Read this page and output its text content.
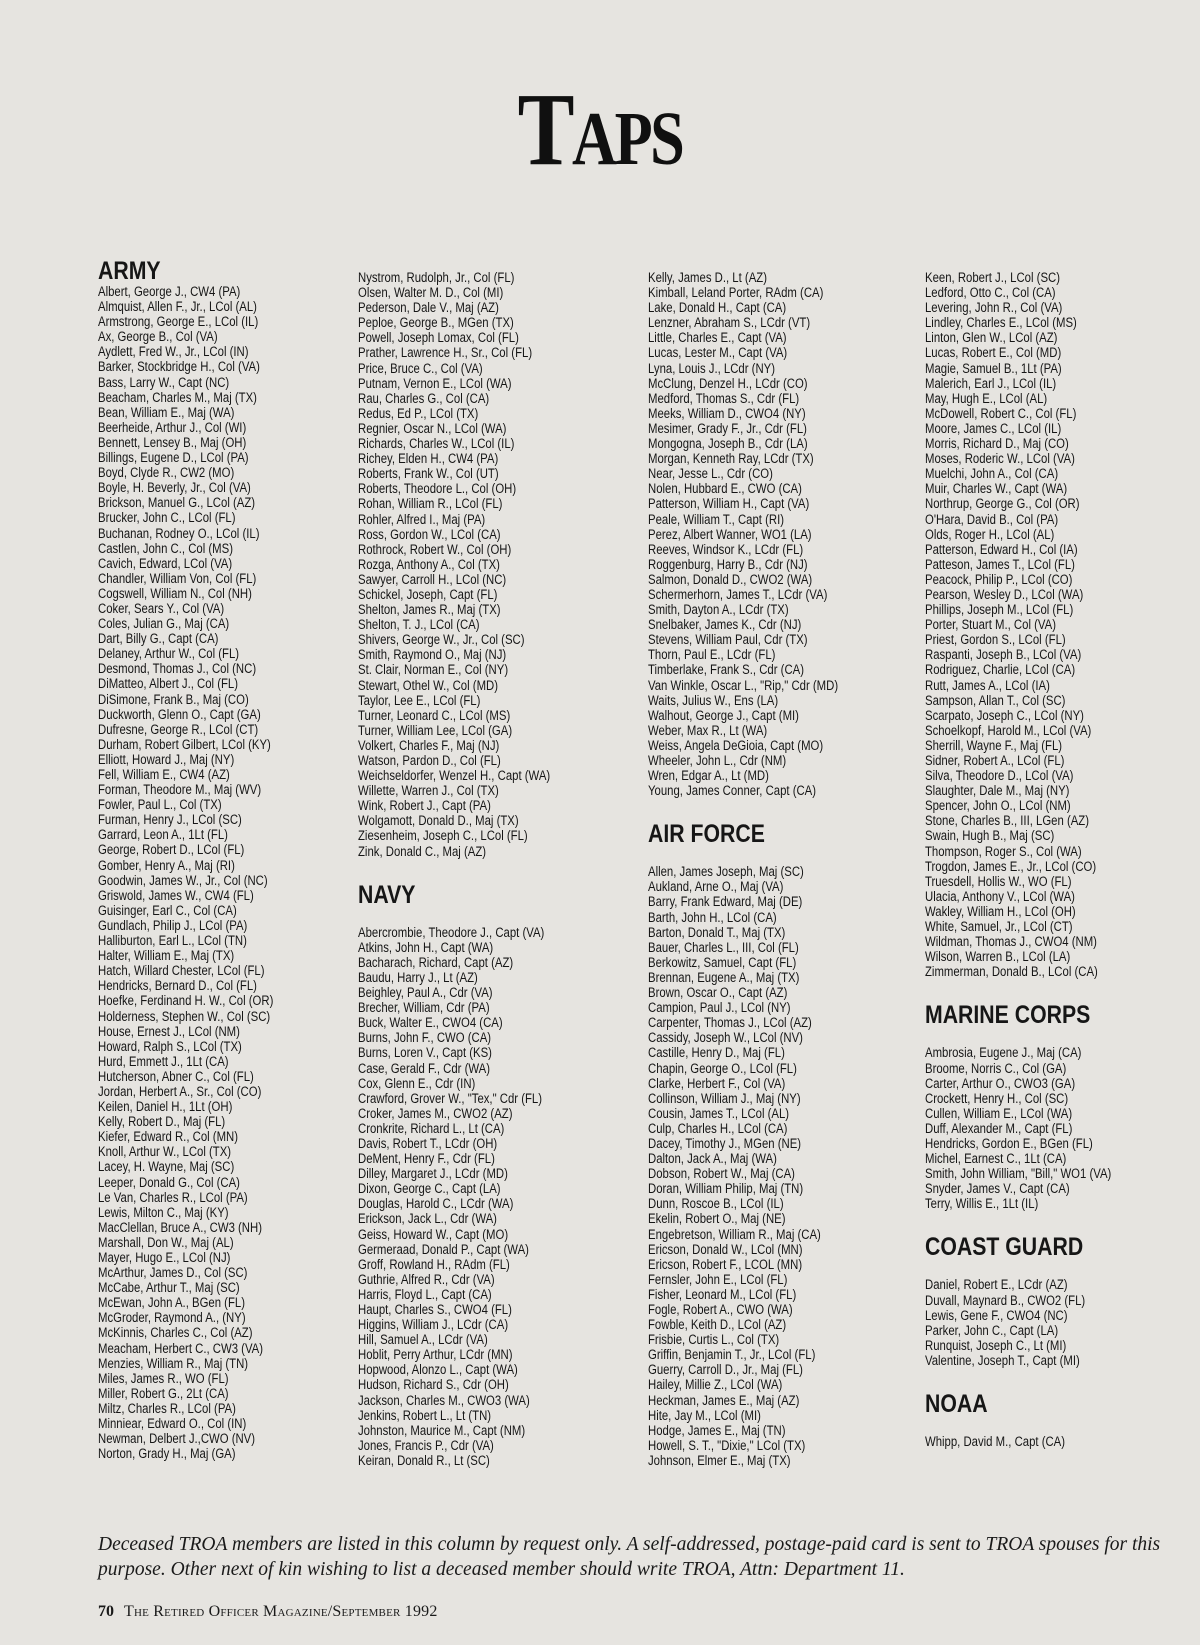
TAPS
ARMY
Albert, George J., CW4 (PA)
Almquist, Allen F., Jr., LCol (AL)
Armstrong, George E., LCol (IL)
Ax, George B., Col (VA)
Aydlett, Fred W., Jr., LCol (IN)
Barker, Stockbridge H., Col (VA)
Bass, Larry W., Capt (NC)
Beacham, Charles M., Maj (TX)
Bean, William E., Maj (WA)
Beerheide, Arthur J., Col (WI)
Bennett, Lensey B., Maj (OH)
Billings, Eugene D., LCol (PA)
Boyd, Clyde R., CW2 (MO)
Boyle, H. Beverly, Jr., Col (VA)
Brickson, Manuel G., LCol (AZ)
Brucker, John C., LCol (FL)
Buchanan, Rodney O., LCol (IL)
Castlen, John C., Col (MS)
Cavich, Edward, LCol (VA)
Chandler, William Von, Col (FL)
Cogswell, William N., Col (NH)
Coker, Sears Y., Col (VA)
Coles, Julian G., Maj (CA)
Dart, Billy G., Capt (CA)
Delaney, Arthur W., Col (FL)
Desmond, Thomas J., Col (NC)
DiMatteo, Albert J., Col (FL)
DiSimone, Frank B., Maj (CO)
Duckworth, Glenn O., Capt (GA)
Dufresne, George R., LCol (CT)
Durham, Robert Gilbert, LCol (KY)
Elliott, Howard J., Maj (NY)
Fell, William E., CW4 (AZ)
Forman, Theodore M., Maj (WV)
Fowler, Paul L., Col (TX)
Furman, Henry J., LCol (SC)
Garrard, Leon A., 1Lt (FL)
George, Robert D., LCol (FL)
Gomber, Henry A., Maj (RI)
Goodwin, James W., Jr., Col (NC)
Griswold, James W., CW4 (FL)
Guisinger, Earl C., Col (CA)
Gundlach, Philip J., LCol (PA)
Halliburton, Earl L., LCol (TN)
Halter, William E., Maj (TX)
Hatch, Willard Chester, LCol (FL)
Hendricks, Bernard D., Col (FL)
Hoefke, Ferdinand H. W., Col (OR)
Holderness, Stephen W., Col (SC)
House, Ernest J., LCol (NM)
Howard, Ralph S., LCol (TX)
Hurd, Emmett J., 1Lt (CA)
Hutcherson, Abner C., Col (FL)
Jordan, Herbert A., Sr., Col (CO)
Keilen, Daniel H., 1Lt (OH)
Kelly, Robert D., Maj (FL)
Kiefer, Edward R., Col (MN)
Knoll, Arthur W., LCol (TX)
Lacey, H. Wayne, Maj (SC)
Leeper, Donald G., Col (CA)
Le Van, Charles R., LCol (PA)
Lewis, Milton C., Maj (KY)
MacClellan, Bruce A., CW3 (NH)
Marshall, Don W., Maj (AL)
Mayer, Hugo E., LCol (NJ)
McArthur, James D., Col (SC)
McCabe, Arthur T., Maj (SC)
McEwan, John A., BGen (FL)
McGroder, Raymond A., (NY)
McKinnis, Charles C., Col (AZ)
Meacham, Herbert C., CW3 (VA)
Menzies, William R., Maj (TN)
Miles, James R., WO (FL)
Miller, Robert G., 2Lt (CA)
Miltz, Charles R., LCol (PA)
Minniear, Edward O., Col (IN)
Newman, Delbert J.,CWO (NV)
Norton, Grady H., Maj (GA)
Nystrom, Rudolph, Jr., Col (FL)
Olsen, Walter M. D., Col (MI)
Pederson, Dale V., Maj (AZ)
Peploe, George B., MGen (TX)
Powell, Joseph Lomax, Col (FL)
Prather, Lawrence H., Sr., Col (FL)
Price, Bruce C., Col (VA)
Putnam, Vernon E., LCol (WA)
Rau, Charles G., Col (CA)
Redus, Ed P., LCol (TX)
Regnier, Oscar N., LCol (WA)
Richards, Charles W., LCol (IL)
Richey, Elden H., CW4 (PA)
Roberts, Frank W., Col (UT)
Roberts, Theodore L., Col (OH)
Rohan, William R., LCol (FL)
Rohler, Alfred I., Maj (PA)
Ross, Gordon W., LCol (CA)
Rothrock, Robert W., Col (OH)
Rozga, Anthony A., Col (TX)
Sawyer, Carroll H., LCol (NC)
Schickel, Joseph, Capt (FL)
Shelton, James R., Maj (TX)
Shelton, T. J., LCol (CA)
Shivers, George W., Jr., Col (SC)
Smith, Raymond O., Maj (NJ)
St. Clair, Norman E., Col (NY)
Stewart, Othel W., Col (MD)
Taylor, Lee E., LCol (FL)
Turner, Leonard C., LCol (MS)
Turner, William Lee, LCol (GA)
Volkert, Charles F., Maj (NJ)
Watson, Pardon D., Col (FL)
Weichseldorfer, Wenzel H., Capt (WA)
Willette, Warren J., Col (TX)
Wink, Robert J., Capt (PA)
Wolgamott, Donald D., Maj (TX)
Ziesenheim, Joseph C., LCol (FL)
Zink, Donald C., Maj (AZ)
NAVY
Abercrombie, Theodore J., Capt (VA)
Atkins, John H., Capt (WA)
Bacharach, Richard, Capt (AZ)
Baudu, Harry J., Lt (AZ)
Beighley, Paul A., Cdr (VA)
Brecher, William, Cdr (PA)
Buck, Walter E., CWO4 (CA)
Burns, John F., CWO (CA)
Burns, Loren V., Capt (KS)
Case, Gerald F., Cdr (WA)
Cox, Glenn E., Cdr (IN)
Crawford, Grover W., "Tex," Cdr (FL)
Croker, James M., CWO2 (AZ)
Cronkrite, Richard L., Lt (CA)
Davis, Robert T., LCdr (OH)
DeMent, Henry F., Cdr (FL)
Dilley, Margaret J., LCdr (MD)
Dixon, George C., Capt (LA)
Douglas, Harold C., LCdr (WA)
Erickson, Jack L., Cdr (WA)
Geiss, Howard W., Capt (MO)
Germeraad, Donald P., Capt (WA)
Groff, Rowland H., RAdm (FL)
Guthrie, Alfred R., Cdr (VA)
Harris, Floyd L., Capt (CA)
Haupt, Charles S., CWO4 (FL)
Higgins, William J., LCdr (CA)
Hill, Samuel A., LCdr (VA)
Hoblit, Perry Arthur, LCdr (MN)
Hopwood, Alonzo L., Capt (WA)
Hudson, Richard S., Cdr (OH)
Jackson, Charles M., CWO3 (WA)
Jenkins, Robert L., Lt (TN)
Johnston, Maurice M., Capt (NM)
Jones, Francis P., Cdr (VA)
Keiran, Donald R., Lt (SC)
Kelly, James D., Lt (AZ)
Kimball, Leland Porter, RAdm (CA)
Lake, Donald H., Capt (CA)
Lenzner, Abraham S., LCdr (VT)
Little, Charles E., Capt (VA)
Lucas, Lester M., Capt (VA)
Lyna, Louis J., LCdr (NY)
McClung, Denzel H., LCdr (CO)
Medford, Thomas S., Cdr (FL)
Meeks, William D., CWO4 (NY)
Mesimer, Grady F., Jr., Cdr (FL)
Mongogna, Joseph B., Cdr (LA)
Morgan, Kenneth Ray, LCdr (TX)
Near, Jesse L., Cdr (CO)
Nolen, Hubbard E., CWO (CA)
Patterson, William H., Capt (VA)
Peale, William T., Capt (RI)
Perez, Albert Wanner, WO1 (LA)
Reeves, Windsor K., LCdr (FL)
Roggenburg, Harry B., Cdr (NJ)
Salmon, Donald D., CWO2 (WA)
Schermerhorn, James T., LCdr (VA)
Smith, Dayton A., LCdr (TX)
Snelbaker, James K., Cdr (NJ)
Stevens, William Paul, Cdr (TX)
Thorn, Paul E., LCdr (FL)
Timberlake, Frank S., Cdr (CA)
Van Winkle, Oscar L., "Rip," Cdr (MD)
Waits, Julius W., Ens (LA)
Walhout, George J., Capt (MI)
Weber, Max R., Lt (WA)
Weiss, Angela DeGioia, Capt (MO)
Wheeler, John L., Cdr (NM)
Wren, Edgar A., Lt (MD)
Young, James Conner, Capt (CA)
AIR FORCE
Allen, James Joseph, Maj (SC)
Aukland, Arne O., Maj (VA)
Barry, Frank Edward, Maj (DE)
Barth, John H., LCol (CA)
Barton, Donald T., Maj (TX)
Bauer, Charles L., III, Col (FL)
Berkowitz, Samuel, Capt (FL)
Brennan, Eugene A., Maj (TX)
Brown, Oscar O., Capt (AZ)
Campion, Paul J., LCol (NY)
Carpenter, Thomas J., LCol (AZ)
Cassidy, Joseph W., LCol (NV)
Castille, Henry D., Maj (FL)
Chapin, George O., LCol (FL)
Clarke, Herbert F., Col (VA)
Collinson, William J., Maj (NY)
Cousin, James T., LCol (AL)
Culp, Charles H., LCol (CA)
Dacey, Timothy J., MGen (NE)
Dalton, Jack A., Maj (WA)
Dobson, Robert W., Maj (CA)
Doran, William Philip, Maj (TN)
Dunn, Roscoe B., LCol (IL)
Ekelin, Robert O., Maj (NE)
Engebretson, William R., Maj (CA)
Ericson, Donald W., LCol (MN)
Ericson, Robert F., LCOL (MN)
Fernsler, John E., LCol (FL)
Fisher, Leonard M., LCol (FL)
Fogle, Robert A., CWO (WA)
Fowble, Keith D., LCol (AZ)
Frisbie, Curtis L., Col (TX)
Griffin, Benjamin T., Jr., LCol (FL)
Guerry, Carroll D., Jr., Maj (FL)
Hailey, Millie Z., LCol (WA)
Heckman, James E., Maj (AZ)
Hite, Jay M., LCol (MI)
Hodge, James E., Maj (TN)
Howell, S. T., "Dixie," LCol (TX)
Johnson, Elmer E., Maj (TX)
Keen, Robert J., LCol (SC)
Ledford, Otto C., Col (CA)
Levering, John R., Col (VA)
Lindley, Charles E., LCol (MS)
Linton, Glen W., LCol (AZ)
Lucas, Robert E., Col (MD)
Magie, Samuel B., 1Lt (PA)
Malerich, Earl J., LCol (IL)
May, Hugh E., LCol (AL)
McDowell, Robert C., Col (FL)
Moore, James C., LCol (IL)
Morris, Richard D., Maj (CO)
Moses, Roderic W., LCol (VA)
Muelchi, John A., Col (CA)
Muir, Charles W., Capt (WA)
Northrup, George G., Col (OR)
O'Hara, David B., Col (PA)
Olds, Roger H., LCol (AL)
Patterson, Edward H., Col (IA)
Patteson, James T., LCol (FL)
Peacock, Philip P., LCol (CO)
Pearson, Wesley D., LCol (WA)
Phillips, Joseph M., LCol (FL)
Porter, Stuart M., Col (VA)
Priest, Gordon S., LCol (FL)
Raspanti, Joseph B., LCol (VA)
Rodriguez, Charlie, LCol (CA)
Rutt, James A., LCol (IA)
Sampson, Allan T., Col (SC)
Scarpato, Joseph C., LCol (NY)
Schoelkopf, Harold M., LCol (VA)
Sherrill, Wayne F., Maj (FL)
Sidner, Robert A., LCol (FL)
Silva, Theodore D., LCol (VA)
Slaughter, Dale M., Maj (NY)
Spencer, John O., LCol (NM)
Stone, Charles B., III, LGen (AZ)
Swain, Hugh B., Maj (SC)
Thompson, Roger S., Col (WA)
Trogdon, James E., Jr., LCol (CO)
Truesdell, Hollis W., WO (FL)
Ulacia, Anthony V., LCol (WA)
Wakley, William H., LCol (OH)
White, Samuel, Jr., LCol (CT)
Wildman, Thomas J., CWO4 (NM)
Wilson, Warren B., LCol (LA)
Zimmerman, Donald B., LCol (CA)
MARINE CORPS
Ambrosia, Eugene J., Maj (CA)
Broome, Norris C., Col (GA)
Carter, Arthur O., CWO3 (GA)
Crockett, Henry H., Col (SC)
Cullen, William E., LCol (WA)
Duff, Alexander M., Capt (FL)
Hendricks, Gordon E., BGen (FL)
Michel, Earnest C., 1Lt (CA)
Smith, John William, "Bill," WO1 (VA)
Snyder, James V., Capt (CA)
Terry, Willis E., 1Lt (IL)
COAST GUARD
Daniel, Robert E., LCdr (AZ)
Duvall, Maynard B., CWO2 (FL)
Lewis, Gene F., CWO4 (NC)
Parker, John C., Capt (LA)
Runquist, Joseph C., Lt (MI)
Valentine, Joseph T., Capt (MI)
NOAA
Whipp, David M., Capt (CA)
Deceased TROA members are listed in this column by request only. A self-addressed, postage-paid card is sent to TROA spouses for this purpose. Other next of kin wishing to list a deceased member should write TROA, Attn: Department 11.
70 The Retired Officer Magazine/September 1992
